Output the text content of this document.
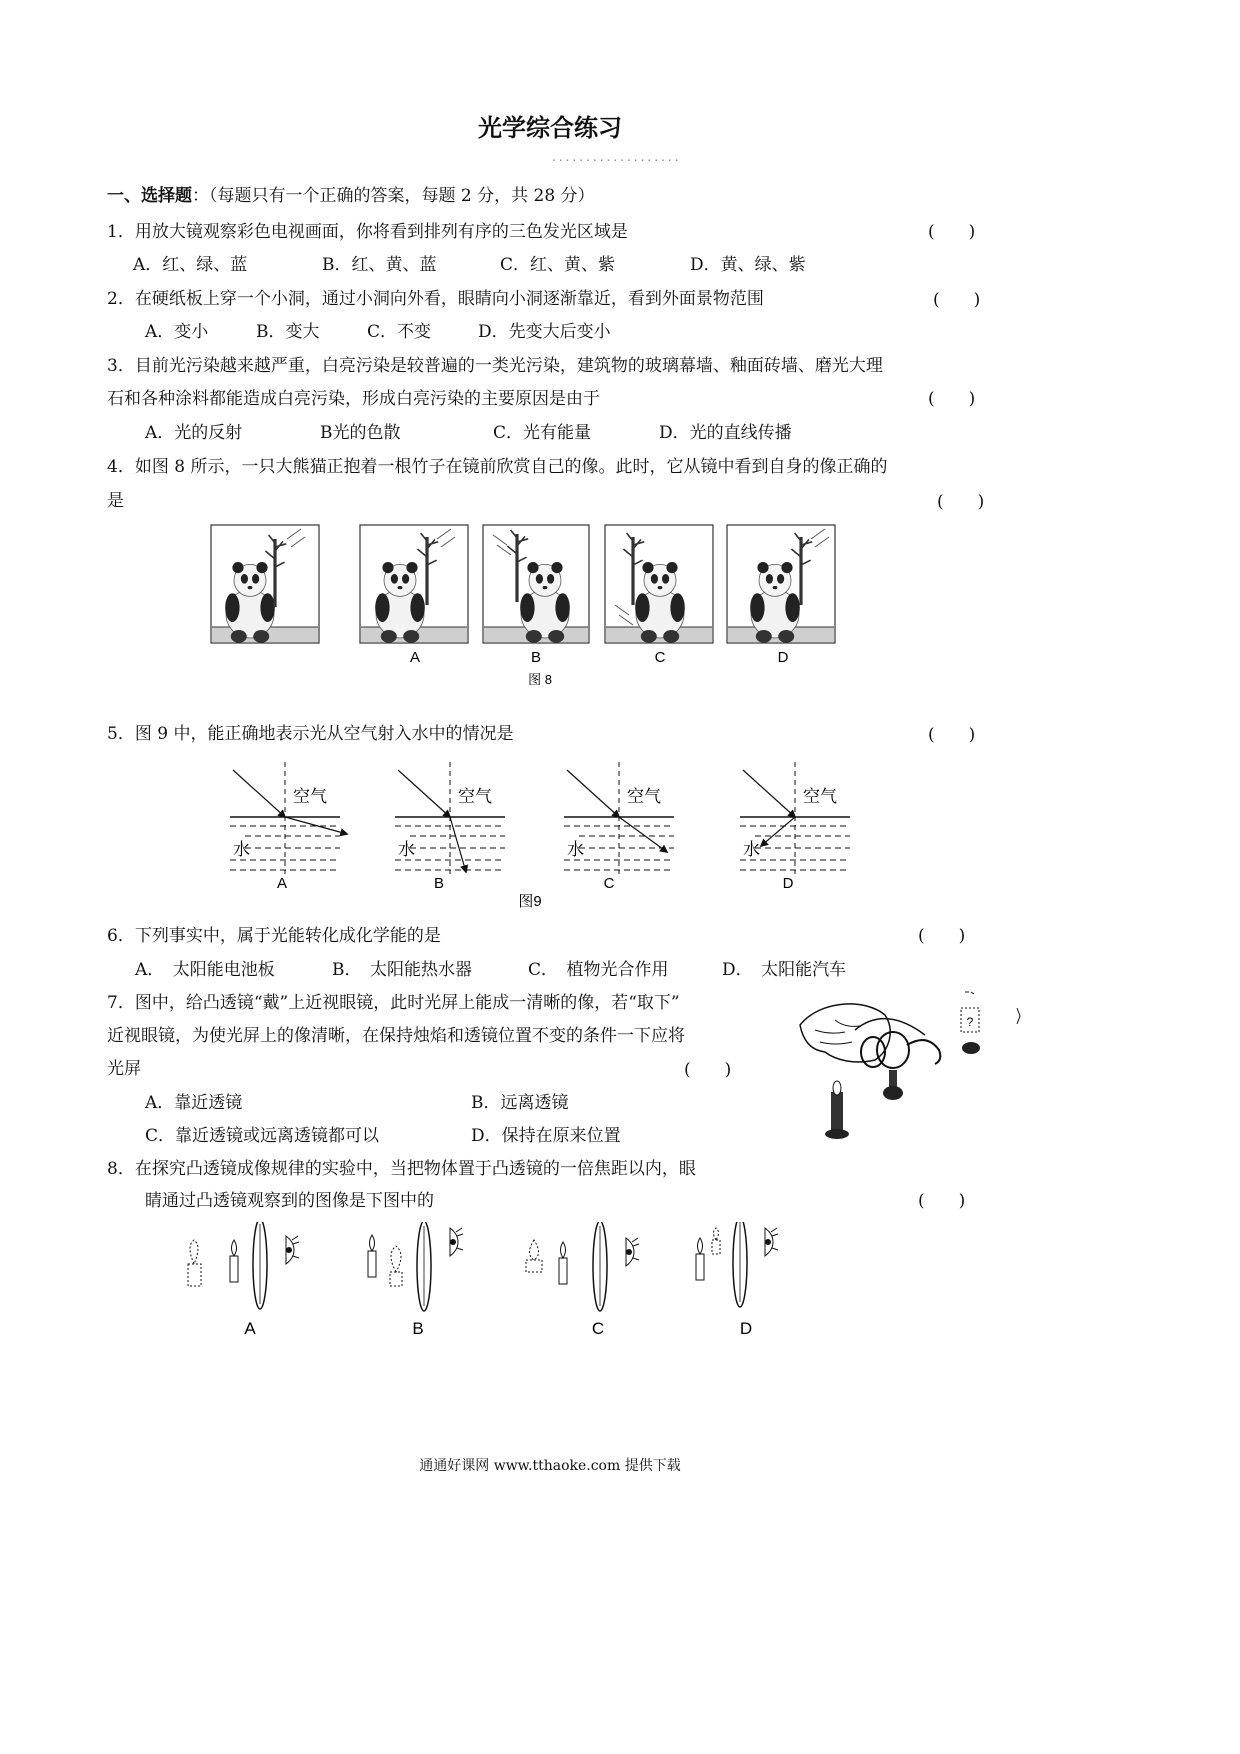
光学综合练习
...................
一、选择题：（每题只有一个正确的答案，每题 2 分，共 28 分）
1．用放大镜观察彩色电视画面，你将看到排列有序的三色发光区域是	(　　)
A．红、绿、蓝	B．红、黄、蓝	C．红、黄、紫	D．黄、绿、紫
2．在硬纸板上穿一个小洞，通过小洞向外看，眼睛向小洞逐渐靠近，看到外面景物范围	(　　)
A．变小	B．变大	C．不变	D．先变大后变小
3．目前光污染越来越严重，白亮污染是较普遍的一类光污染，建筑物的玻璃幕墙、釉面砖墙、磨光大理
石和各种涂料都能造成白亮污染，形成白亮污染的主要原因是由于	(　　)
A．光的反射	B光的色散	C．光有能量	D．光的直线传播
4．如图 8 所示，一只大熊猫正抱着一根竹子在镜前欣赏自己的像。此时，它从镜中看到自身的像正确的
是	(　　)
A	B	C	D
图 8
5．图 9 中，能正确地表示光从空气射入水中的情况是	(　　)
空气
水
空气
水
空气
水
空气
水
A	B	C	D
图9
6．下列事实中，属于光能转化成化学能的是	(　　)
A．　太阳能电池板	B．　太阳能热水器	C．　植物光合作用	D．　太阳能汽车
7．图中，给凸透镜“戴”上近视眼镜，此时光屏上能成一清晰的像，若“取下”
近视眼镜，为使光屏上的像清晰，在保持烛焰和透镜位置不变的条件一下应将
光屏	(　　)
A．靠近透镜	B．远离透镜
C．靠近透镜或远离透镜都可以	D．保持在原来位置
?
8．在探究凸透镜成像规律的实验中，当把物体置于凸透镜的一倍焦距以内，眼
睛通过凸透镜观察到的图像是下图中的	(　　)
A	B	C	D
通通好课网 www.tthaoke.com 提供下载
